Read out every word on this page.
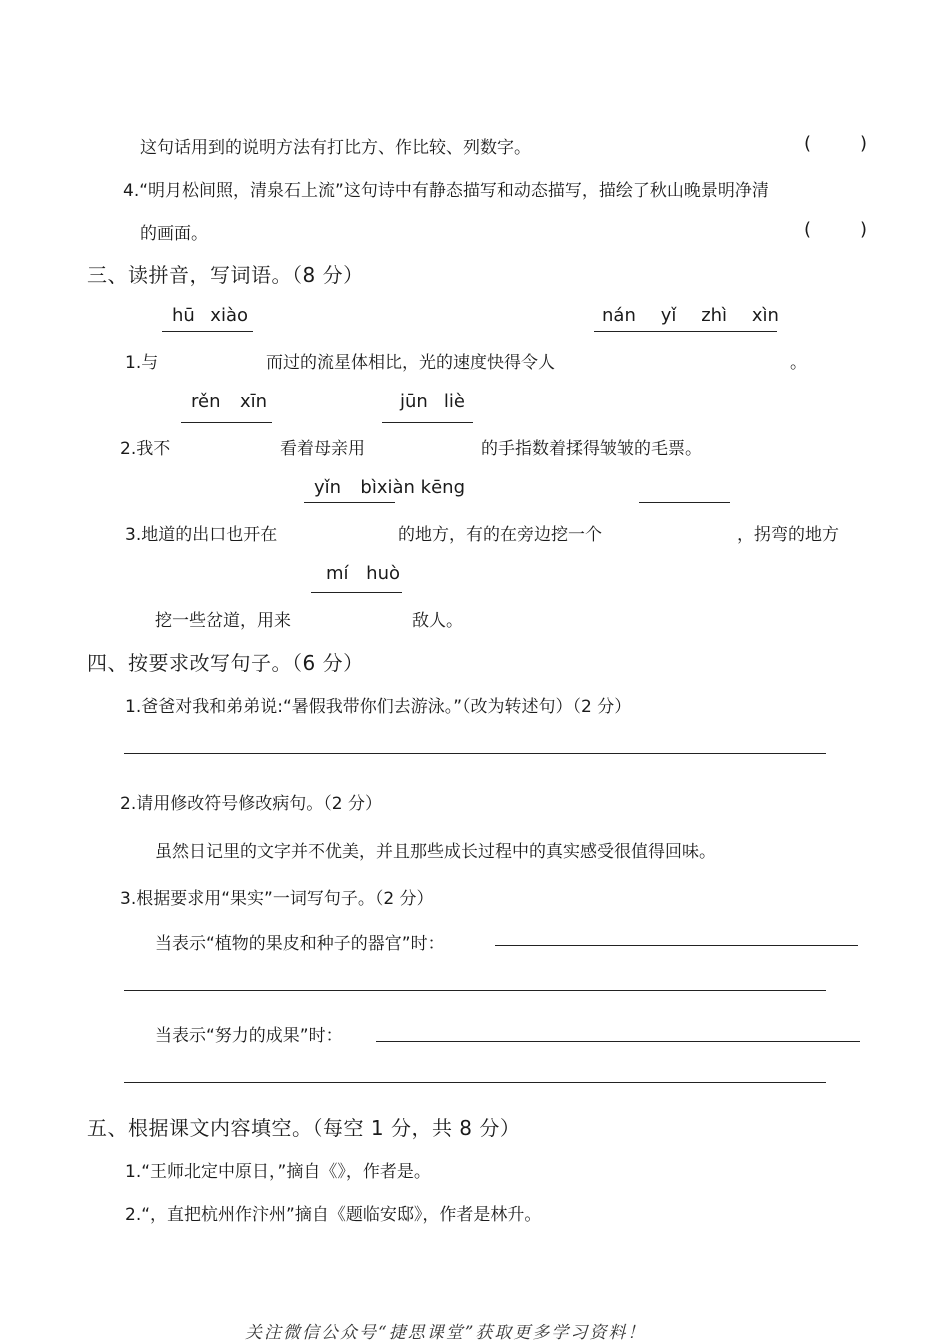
这句话用到的说明方法有打比方、作比较、列数字。	(	)
4.“明月松间照，清泉石上流”这句诗中有静态描写和动态描写，描绘了秋山晚景明净清
的画面。	(	)
三、读拼音，写词语。（8 分）
hū xiào	nán yǐ zhì xìn
1.与	而过的流星体相比，光的速度快得令人	。
rěn xīn	jūn liè
2.我不	看着母亲用	的手指数着揉得皱皱的毛票。
yǐn bìxiàn kēng
3.地道的出口也开在	的地方，有的在旁边挖一个	，拐弯的地方
mí huò
挖一些岔道，用来	敌人。
四、按要求改写句子。（6 分）
1.爸爸对我和弟弟说:“暑假我带你们去游泳。”（改为转述句）（2 分）
2.请用修改符号修改病句。（2 分）
虽然日记里的文字并不优美，并且那些成长过程中的真实感受很值得回味。
3.根据要求用“果实”一词写句子。（2 分）
当表示“植物的果皮和种子的器官”时：
当表示“努力的成果”时：
五、根据课文内容填空。（每空 1 分，共 8 分）
1.“王师北定中原日，”摘自《》，作者是。
2.“，直把杭州作汴州”摘自《题临安邸》，作者是林升。
关注微信公众号“捷思课堂”获取更多学习资料！
